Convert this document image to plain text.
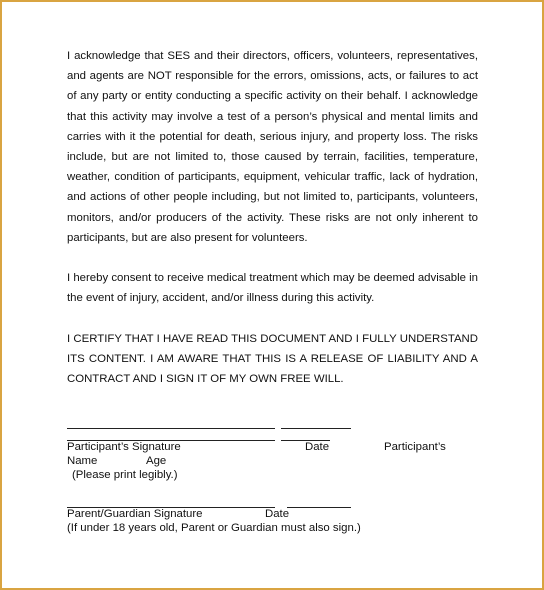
I acknowledge that SES and their directors, officers, volunteers, representatives, and agents are NOT responsible for the errors, omissions, acts, or failures to act of any party or entity conducting a specific activity on their behalf. I acknowledge that this activity may involve a test of a person’s physical and mental limits and carries with it the potential for death, serious injury, and property loss. The risks include, but are not limited to, those caused by terrain, facilities, temperature, weather, condition of participants, equipment, vehicular traffic, lack of hydration, and actions of other people including, but not limited to, participants, volunteers, monitors, and/or producers of the activity. These risks are not only inherent to participants, but are also present for volunteers.

I hereby consent to receive medical treatment which may be deemed advisable in the event of injury, accident, and/or illness during this activity.

I CERTIFY THAT I HAVE READ THIS DOCUMENT AND I FULLY UNDERSTAND ITS CONTENT. I AM AWARE THAT THIS IS A RELEASE OF LIABILITY AND A CONTRACT AND I SIGN IT OF MY OWN FREE WILL.

Participant’s Signature	Date	Participant’s
Name	Age
(Please print legibly.)
Parent/Guardian Signature	Date
(If under 18 years old, Parent or Guardian must also sign.)
